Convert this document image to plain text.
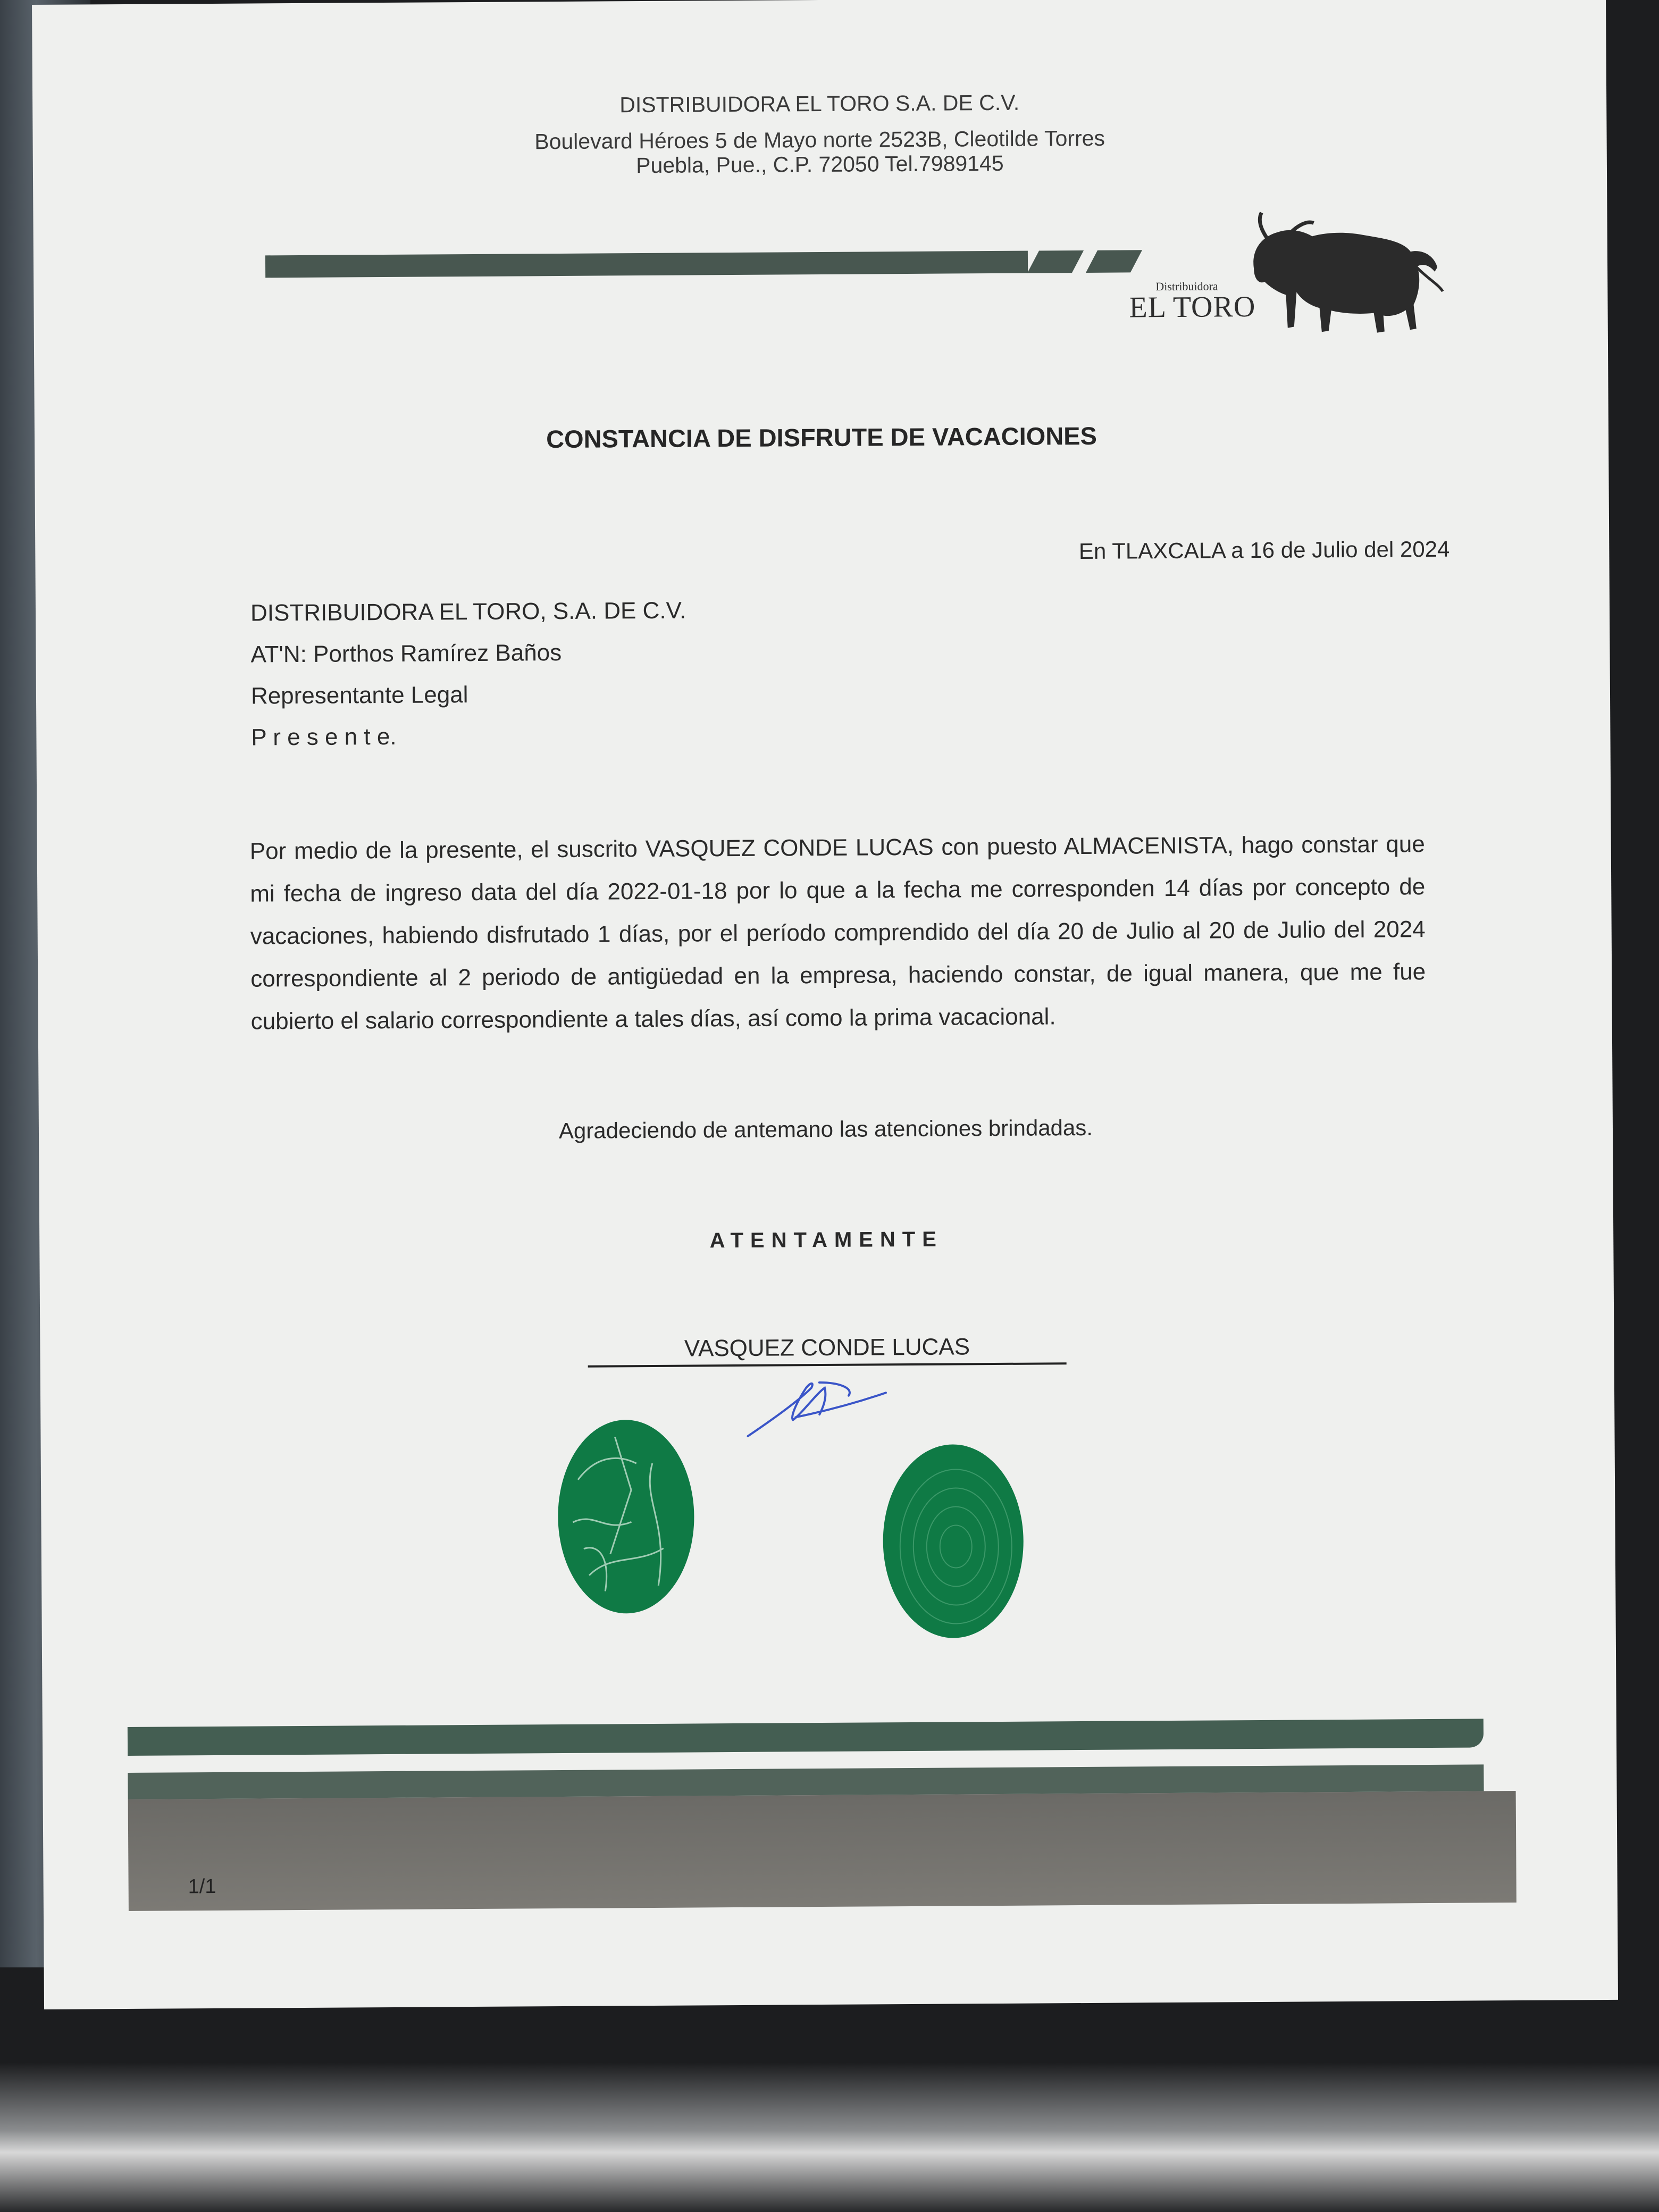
DISTRIBUIDORA EL TORO S.A. DE C.V.
Boulevard Héroes 5 de Mayo norte 2523B, Cleotilde Torres
Puebla, Pue., C.P. 72050 Tel.7989145
Distribuidora
EL TORO
CONSTANCIA DE DISFRUTE DE VACACIONES
En TLAXCALA a 16 de Julio del 2024
DISTRIBUIDORA EL TORO, S.A. DE C.V.
AT'N: Porthos Ramírez Baños
Representante Legal
P r e s e n t e.

Por medio de la presente, el suscrito VASQUEZ CONDE LUCAS con puesto ALMACENISTA, hago constar que mi fecha de ingreso data del día 2022-01-18 por lo que a la fecha me corresponden 14 días por concepto de vacaciones, habiendo disfrutado 1 días, por el período comprendido del día 20 de Julio al 20 de Julio del 2024 correspondiente al 2 periodo de antigüedad en la empresa, haciendo constar, de igual manera, que me fue cubierto el salario correspondiente a tales días, así como la prima vacacional.

Agradeciendo de antemano las atenciones brindadas.
ATENTAMENTE
VASQUEZ CONDE LUCAS
1/1
